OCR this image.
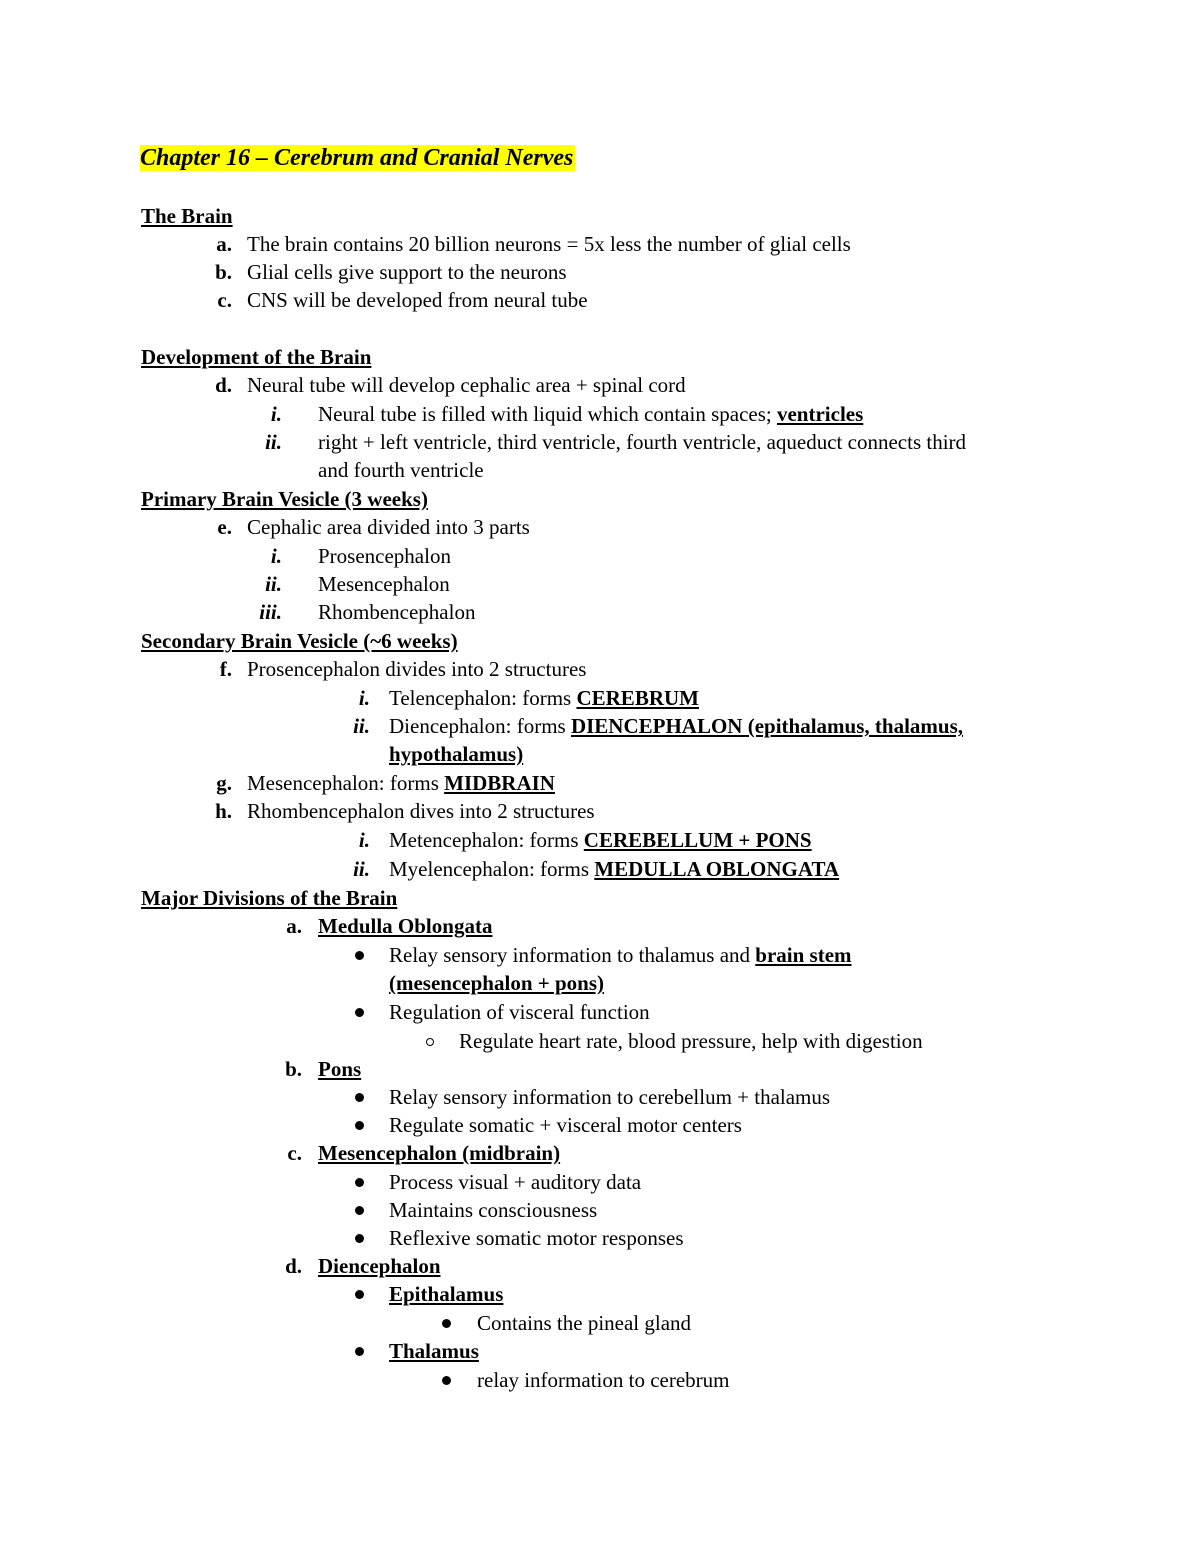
Chapter 16 – Cerebrum and Cranial Nerves
The Brain
a. The brain contains 20 billion neurons = 5x less the number of glial cells
b. Glial cells give support to the neurons
c. CNS will be developed from neural tube
Development of the Brain
d. Neural tube will develop cephalic area + spinal cord
i. Neural tube is filled with liquid which contain spaces; ventricles
ii. right + left ventricle, third ventricle, fourth ventricle, aqueduct connects third
and fourth ventricle
Primary Brain Vesicle (3 weeks)
e. Cephalic area divided into 3 parts
i. Prosencephalon
ii. Mesencephalon
iii. Rhombencephalon
Secondary Brain Vesicle (~6 weeks)
f. Prosencephalon divides into 2 structures
i. Telencephalon: forms CEREBRUM
ii. Diencephalon: forms DIENCEPHALON (epithalamus, thalamus,
hypothalamus)
g. Mesencephalon: forms MIDBRAIN
h. Rhombencephalon dives into 2 structures
i. Metencephalon: forms CEREBELLUM + PONS
ii. Myelencephalon: forms MEDULLA OBLONGATA
Major Divisions of the Brain
a. Medulla Oblongata
Relay sensory information to thalamus and brain stem
(mesencephalon + pons)
Regulation of visceral function
Regulate heart rate, blood pressure, help with digestion
b. Pons
Relay sensory information to cerebellum + thalamus
Regulate somatic + visceral motor centers
c. Mesencephalon (midbrain)
Process visual + auditory data
Maintains consciousness
Reflexive somatic motor responses
d. Diencephalon
Epithalamus
Contains the pineal gland
Thalamus
relay information to cerebrum
